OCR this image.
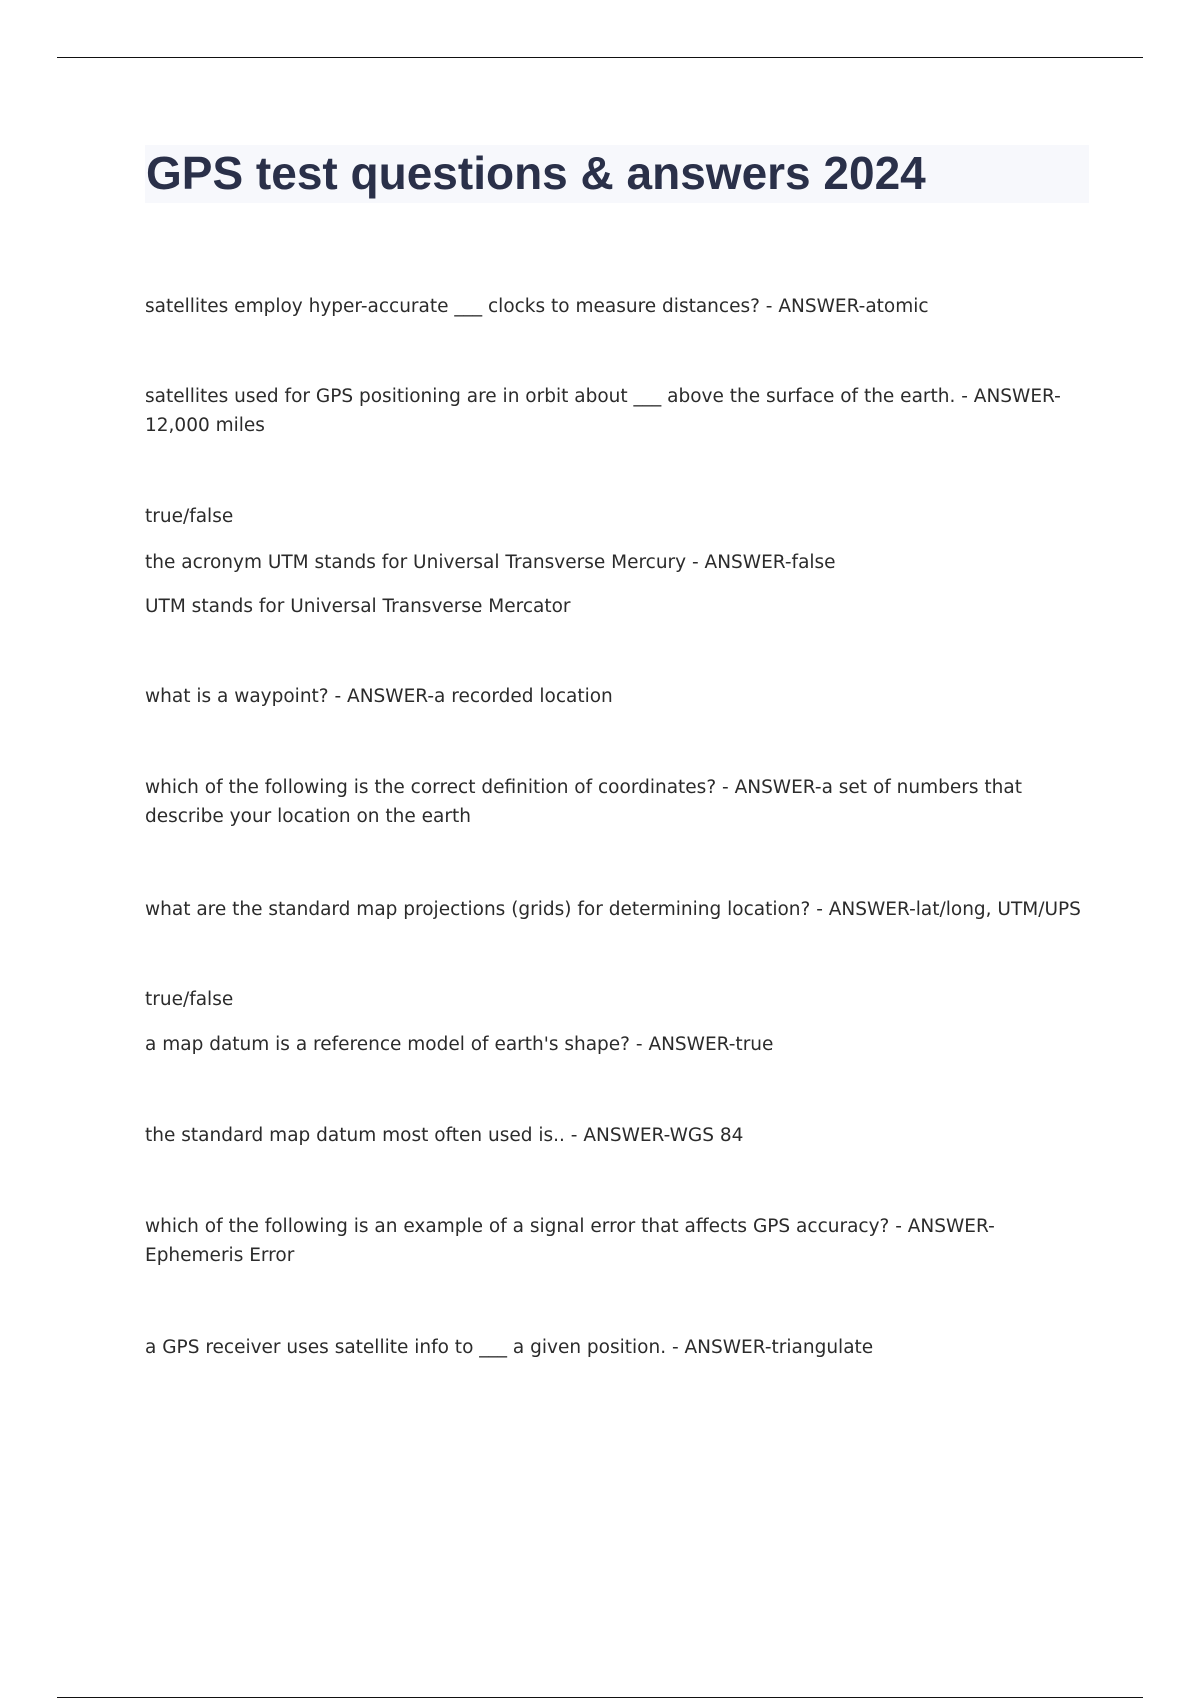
GPS test questions & answers 2024

satellites employ hyper-accurate ___ clocks to measure distances? - ANSWER-atomic

satellites used for GPS positioning are in orbit about ___ above the surface of the earth. - ANSWER-12,000 miles

true/false

the acronym UTM stands for Universal Transverse Mercury - ANSWER-false

UTM stands for Universal Transverse Mercator

what is a waypoint? - ANSWER-a recorded location

which of the following is the correct definition of coordinates? - ANSWER-a set of numbers that describe your location on the earth

what are the standard map projections (grids) for determining location? - ANSWER-lat/long, UTM/UPS

true/false

a map datum is a reference model of earth's shape? - ANSWER-true

the standard map datum most often used is.. - ANSWER-WGS 84

which of the following is an example of a signal error that affects GPS accuracy? - ANSWER-Ephemeris Error

a GPS receiver uses satellite info to ___ a given position. - ANSWER-triangulate
